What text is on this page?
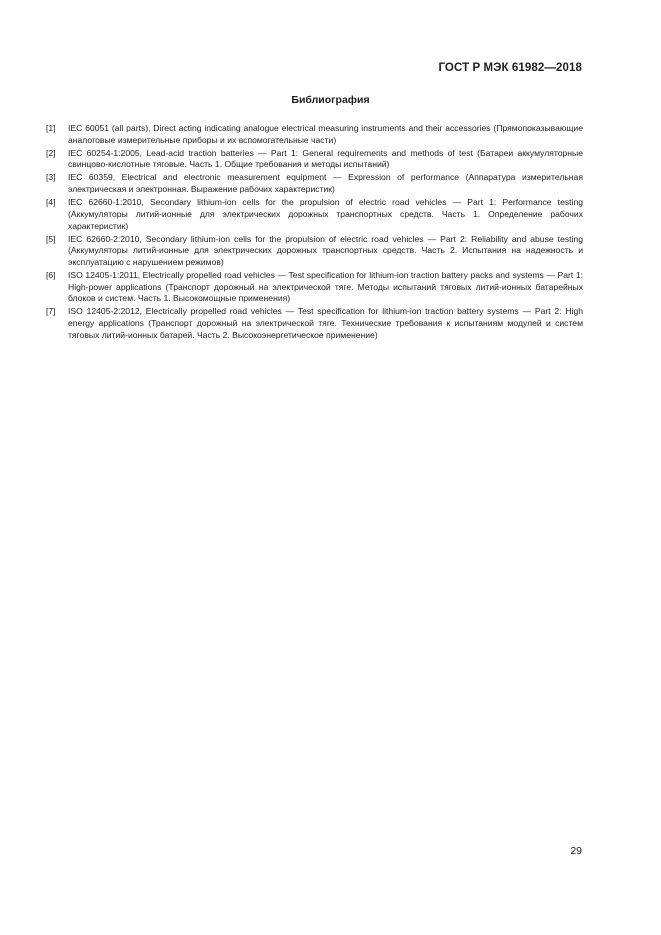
ГОСТ Р МЭК 61982—2018
Библиография
[1] IEC 60051 (all parts), Direct acting indicating analogue electrical measuring instruments and their accessories (Прямопоказывающие аналоговые измерительные приборы и их вспомогательные части)
[2] IEC 60254-1:2005, Lead-acid traction batteries — Part 1: General requirements and methods of test (Батареи аккумуляторные свинцово-кислотные тяговые. Часть 1. Общие требования и методы испытаний)
[3] IEC 60359, Electrical and electronic measurement equipment — Expression of performance (Аппаратура измерительная электрическая и электронная. Выражение рабочих характеристик)
[4] IEC 62660-1:2010, Secondary lithium-ion cells for the propulsion of electric road vehicles — Part 1: Performance testing (Аккумуляторы литий-ионные для электрических дорожных транспортных средств. Часть 1. Определение рабочих характеристик)
[5] IEC 62660-2:2010, Secondary lithium-ion cells for the propulsion of electric road vehicles — Part 2: Reliability and abuse testing (Аккумуляторы литий-ионные для электрических дорожных транспортных средств. Часть 2. Испытания на надежность и эксплуатацию с нарушением режимов)
[6] ISO 12405-1:2011, Electrically propelled road vehicles — Test specification for lithium-ion traction battery packs and systems — Part 1: High-power applications (Транспорт дорожный на электрической тяге. Методы испытаний тяговых литий-ионных батарейных блоков и систем. Часть 1. Высокомощные применения)
[7] ISO 12405-2:2012, Electrically propelled road vehicles — Test specification for lithium-ion traction battery systems — Part 2: High energy applications (Транспорт дорожный на электрической тяге. Технические требования к испытаниям модулей и систем тяговых литий-ионных батарей. Часть 2. Высокоэнергетическое применение)
29
